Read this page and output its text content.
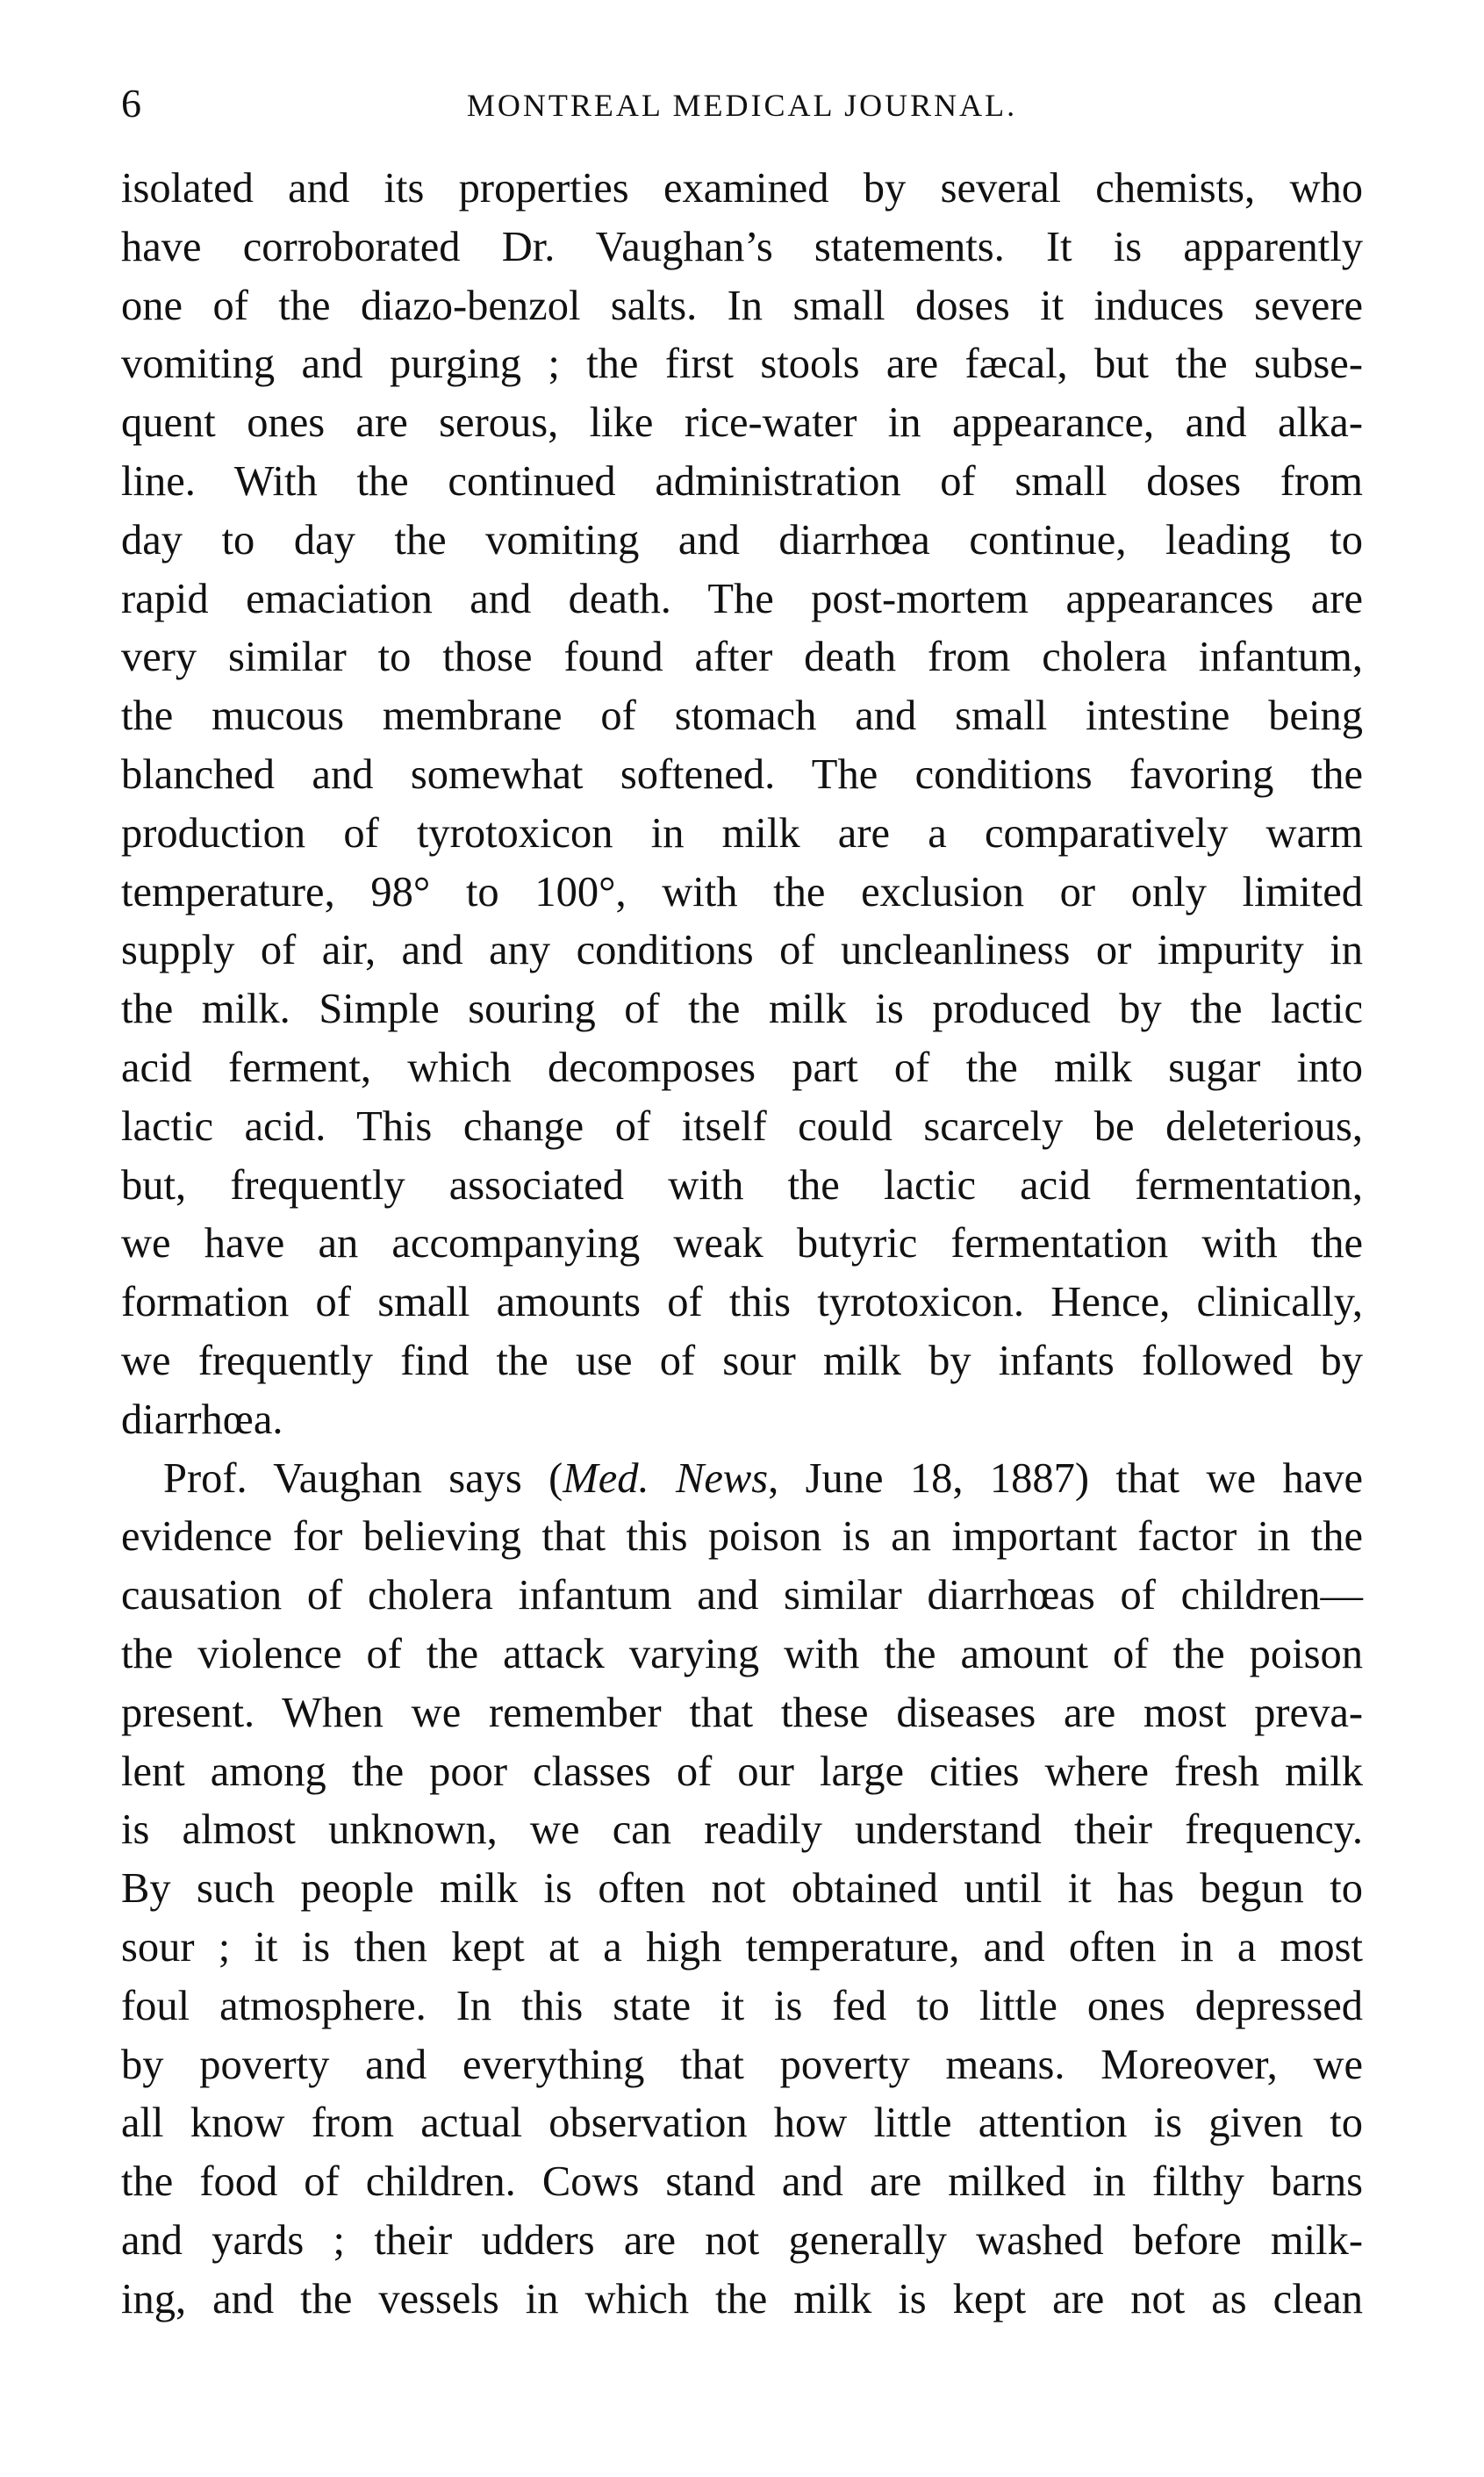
6	MONTREAL MEDICAL JOURNAL.
isolated and its properties examined by several chemists, who
have corroborated Dr. Vaughan’s statements. It is apparently
one of the diazo-benzol salts. In small doses it induces severe
vomiting and purging ; the first stools are fæcal, but the subse-
quent ones are serous, like rice-water in appearance, and alka-
line. With the continued administration of small doses from
day to day the vomiting and diarrhœa continue, leading to
rapid emaciation and death. The post-mortem appearances are
very similar to those found after death from cholera infantum,
the mucous membrane of stomach and small intestine being
blanched and somewhat softened. The conditions favoring the
production of tyrotoxicon in milk are a comparatively warm
temperature, 98° to 100°, with the exclusion or only limited
supply of air, and any conditions of uncleanliness or impurity in
the milk. Simple souring of the milk is produced by the lactic
acid ferment, which decomposes part of the milk sugar into
lactic acid. This change of itself could scarcely be deleterious,
but, frequently associated with the lactic acid fermentation,
we have an accompanying weak butyric fermentation with the
formation of small amounts of this tyrotoxicon. Hence, clinically,
we frequently find the use of sour milk by infants followed by
diarrhœa.
Prof. Vaughan says (Med. News, June 18, 1887) that we have
evidence for believing that this poison is an important factor in the
causation of cholera infantum and similar diarrhœas of children—
the violence of the attack varying with the amount of the poison
present. When we remember that these diseases are most preva-
lent among the poor classes of our large cities where fresh milk
is almost unknown, we can readily understand their frequency.
By such people milk is often not obtained until it has begun to
sour ; it is then kept at a high temperature, and often in a most
foul atmosphere. In this state it is fed to little ones depressed
by poverty and everything that poverty means. Moreover, we
all know from actual observation how little attention is given to
the food of children. Cows stand and are milked in filthy barns
and yards ; their udders are not generally washed before milk-
ing, and the vessels in which the milk is kept are not as clean
